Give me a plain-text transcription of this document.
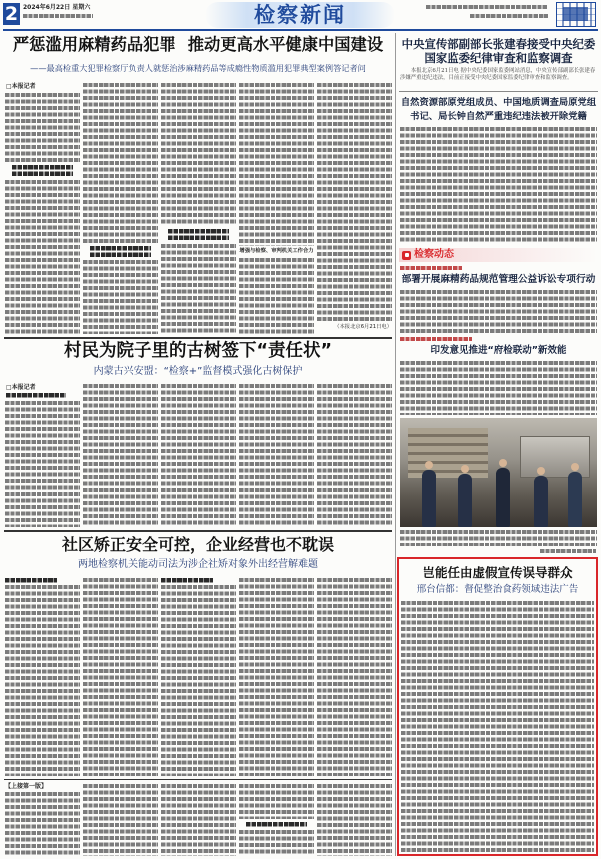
2 2024年6月22日 星期六	检察新闻
严惩滥用麻精药品犯罪 推动更高水平健康中国建设
——最高检重大犯罪检察厅负责人就惩治涉麻精药品等成瘾性物质滥用犯罪典型案例答记者问
□本报记者
增强与检察、审判机关工作合力
（本报北京6月21日电）
村民为院子里的古树签下“责任状”
内蒙古兴安盟：“检察+”监督模式强化古树保护
□本报记者
社区矫正安全可控，企业经营也不耽误
两地检察机关能动司法为涉企社矫对象外出经营解难题
【上接第一版】
中央宣传部副部长张建春接受中央纪委
国家监委纪律审查和监察调查
本报北京6月21日电 据中央纪委国家监委网站消息，中央宣传部副部长张建春涉嫌严重违纪违法，目前正接受中央纪委国家监委纪律审查和监察调查。
自然资源部原党组成员、中国地质调查局原党组
书记、局长钟自然严重违纪违法被开除党籍
检察动态
部署开展麻精药品规范管理公益诉讼专项行动
印发意见推进“府检联动”新效能
岂能任由虚假宣传误导群众
邢台信都：督促整治食药领域违法广告
